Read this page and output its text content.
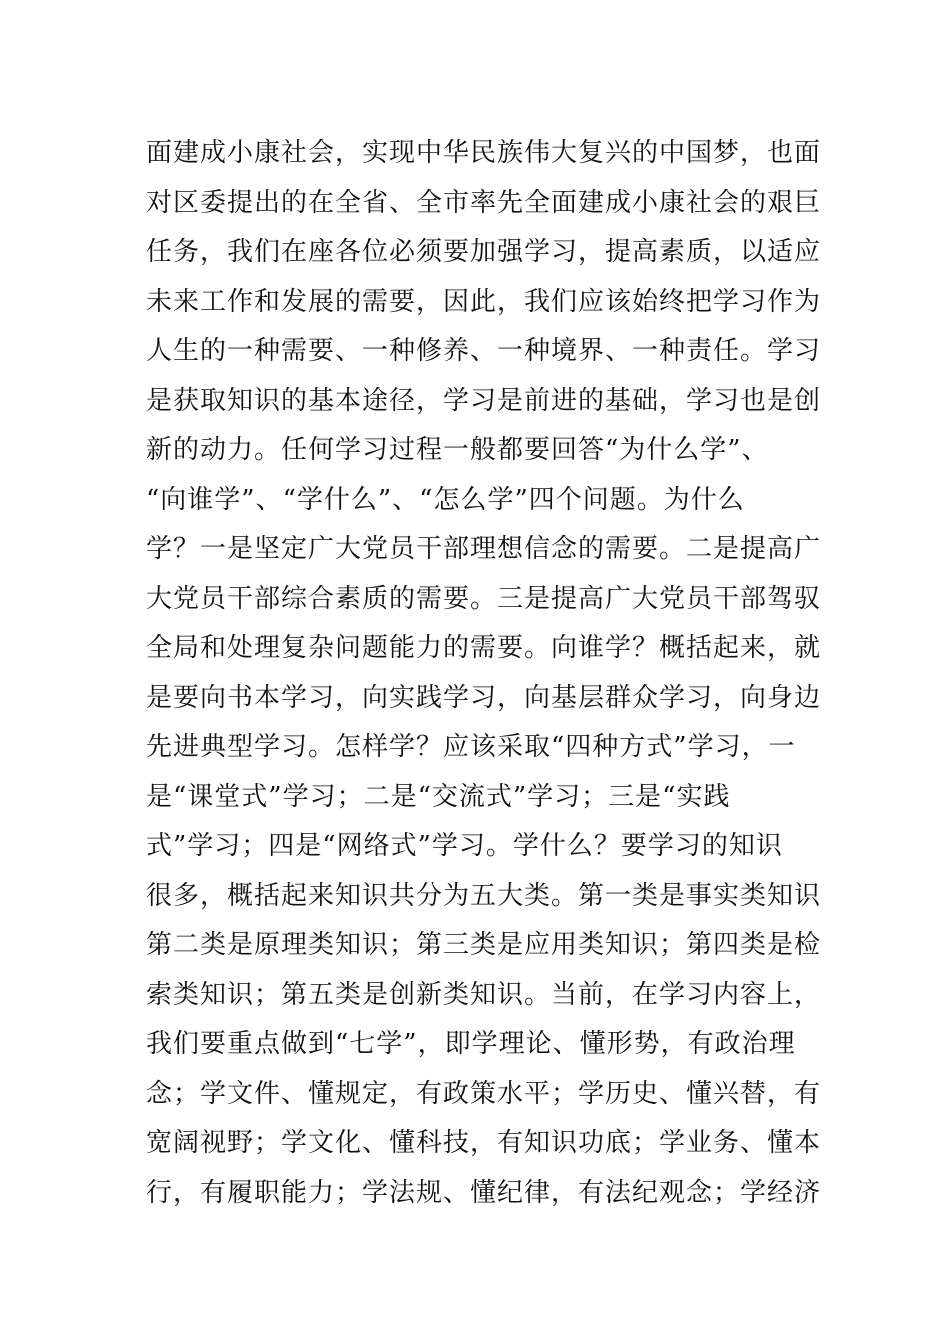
面建成小康社会，实现中华民族伟大复兴的中国梦，也面
对区委提出的在全省、全市率先全面建成小康社会的艰巨
任务，我们在座各位必须要加强学习，提高素质，以适应
未来工作和发展的需要，因此，我们应该始终把学习作为
人生的一种需要、一种修养、一种境界、一种责任。学习
是获取知识的基本途径，学习是前进的基础，学习也是创
新的动力。任何学习过程一般都要回答“为什么学”、
“向谁学”、“学什么”、“怎么学”四个问题。为什么
学？一是坚定广大党员干部理想信念的需要。二是提高广
大党员干部综合素质的需要。三是提高广大党员干部驾驭
全局和处理复杂问题能力的需要。向谁学？概括起来，就
是要向书本学习，向实践学习，向基层群众学习，向身边
先进典型学习。怎样学？应该采取“四种方式”学习，一
是“课堂式”学习；二是“交流式”学习；三是“实践
式”学习；四是“网络式”学习。学什么？要学习的知识
很多，概括起来知识共分为五大类。第一类是事实类知识
第二类是原理类知识；第三类是应用类知识；第四类是检
索类知识；第五类是创新类知识。当前，在学习内容上，
我们要重点做到“七学”，即学理论、懂形势，有政治理
念；学文件、懂规定，有政策水平；学历史、懂兴替，有
宽阔视野；学文化、懂科技，有知识功底；学业务、懂本
行，有履职能力；学法规、懂纪律，有法纪观念；学经济
